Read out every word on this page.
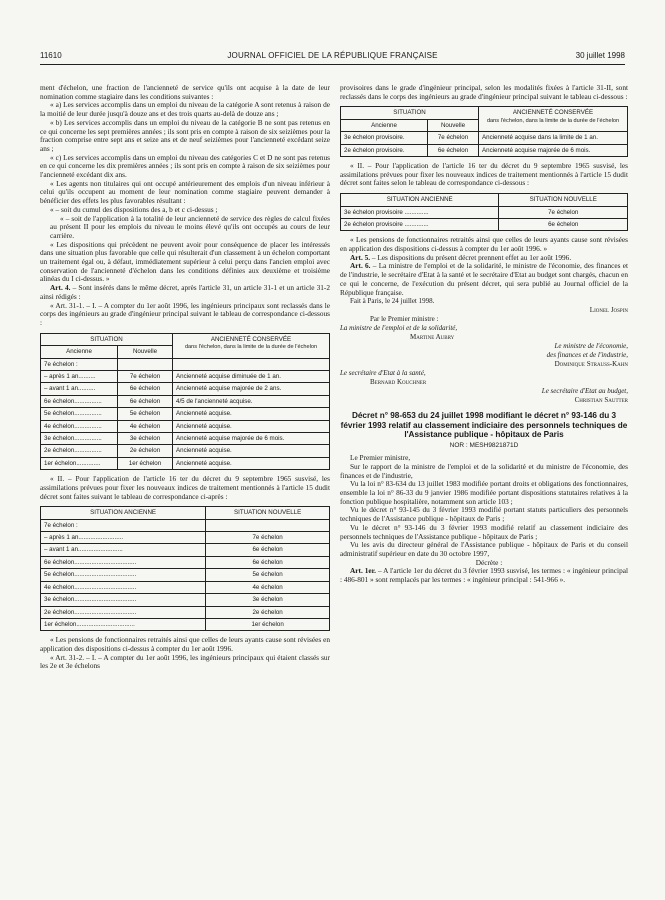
11610	JOURNAL OFFICIEL DE LA RÉPUBLIQUE FRANÇAISE	30 juillet 1998

ment d'échelon, une fraction de l'ancienneté de service qu'ils ont acquise à la date de leur nomination comme stagiaire dans les conditions suivantes :

« a) Les services accomplis dans un emploi du niveau de la catégorie A sont retenus à raison de la moitié de leur durée jusqu'à douze ans et des trois quarts au-delà de douze ans ;

« b) Les services accomplis dans un emploi du niveau de la catégorie B ne sont pas retenus en ce qui concerne les sept premières années ; ils sont pris en compte à raison de six seizièmes pour la fraction comprise entre sept ans et seize ans et de neuf seizièmes pour l'ancienneté excédant seize ans ;

« c) Les services accomplis dans un emploi du niveau des catégories C et D ne sont pas retenus en ce qui concerne les dix premières années ; ils sont pris en compte à raison de six seizièmes pour l'ancienneté excédant dix ans.

« Les agents non titulaires qui ont occupé antérieurement des emplois d'un niveau inférieur à celui qu'ils occupent au moment de leur nomination comme stagiaire peuvent demander à bénéficier des effets les plus favorables résultant :

« – soit du cumul des dispositions des a, b et c ci-dessus ;

« – soit de l'application à la totalité de leur ancienneté de service des règles de calcul fixées au présent II pour les emplois du niveau le moins élevé qu'ils ont occupés au cours de leur carrière.

« Les dispositions qui précèdent ne peuvent avoir pour conséquence de placer les intéressés dans une situation plus favorable que celle qui résulterait d'un classement à un échelon comportant un traitement égal ou, à défaut, immédiatement supérieur à celui perçu dans l'ancien emploi avec conservation de l'ancienneté d'échelon dans les conditions définies aux deuxième et troisième alinéas du I ci-dessus. »

Art. 4. – Sont insérés dans le même décret, après l'article 31, un article 31-1 et un article 31-2 ainsi rédigés :

« Art. 31-1. – I. – A compter du 1er août 1996, les ingénieurs principaux sont reclassés dans le corps des ingénieurs au grade d'ingénieur principal suivant le tableau de correspondance ci-dessous :

SITUATION		ANCIENNETÉ CONSERVÉE
dans l'échelon, dans la limite de la durée de l'échelon
Ancienne	Nouvelle	
7e échelon :		
– après 1 an..........	7e échelon	Ancienneté acquise diminuée de 1 an.
– avant 1 an..........	6e échelon	Ancienneté acquise majorée de 2 ans.
6e échelon................	6e échelon	4/5 de l'ancienneté acquise.
5e échelon................	5e échelon	Ancienneté acquise.
4e échelon................	4e échelon	Ancienneté acquise.
3e échelon................	3e échelon	Ancienneté acquise majorée de 6 mois.
2e échelon................	2e échelon	Ancienneté acquise.
1er échelon..............	1er échelon	Ancienneté acquise.

« II. – Pour l'application de l'article 16 ter du décret du 9 septembre 1965 susvisé, les assimilations prévues pour fixer les nouveaux indices de traitement mentionnés à l'article 15 dudit décret sont faites suivant le tableau de correspondance ci-après :

SITUATION ANCIENNE	SITUATION NOUVELLE
7e échelon :	
– après 1 an..........................	7e échelon
– avant 1 an..........................	6e échelon
6e échelon....................................	6e échelon
5e échelon....................................	5e échelon
4e échelon....................................	4e échelon
3e échelon....................................	3e échelon
2e échelon....................................	2e échelon
1er échelon..................................	1er échelon

« Les pensions de fonctionnaires retraités ainsi que celles de leurs ayants cause sont révisées en application des dispositions ci-dessus à compter du 1er août 1996.

« Art. 31-2. – I. – A compter du 1er août 1996, les ingénieurs principaux qui étaient classés sur les 2e et 3e échelons

provisoires dans le grade d'ingénieur principal, selon les modalités fixées à l'article 31-II, sont reclassés dans le corps des ingénieurs au grade d'ingénieur principal suivant le tableau ci-dessous :

SITUATION		ANCIENNETÉ CONSERVÉE
dans l'échelon, dans la limite de la durée de l'échelon
Ancienne	Nouvelle	
3e échelon provisoire.	7e échelon	Ancienneté acquise dans la limite de 1 an.
2e échelon provisoire.	6e échelon	Ancienneté acquise majorée de 6 mois.

« II. – Pour l'application de l'article 16 ter du décret du 9 septembre 1965 susvisé, les assimilations prévues pour fixer les nouveaux indices de traitement mentionnés à l'article 15 dudit décret sont faites selon le tableau de correspondance ci-dessous :

SITUATION ANCIENNE	SITUATION NOUVELLE
3e échelon provisoire ..............	7e échelon
2e échelon provisoire ..............	6e échelon

« Les pensions de fonctionnaires retraités ainsi que celles de leurs ayants cause sont révisées en application des dispositions ci-dessus à compter du 1er août 1996. »

Art. 5. – Les dispositions du présent décret prennent effet au 1er août 1996.

Art. 6. – La ministre de l'emploi et de la solidarité, le ministre de l'économie, des finances et de l'industrie, le secrétaire d'Etat à la santé et le secrétaire d'Etat au budget sont chargés, chacun en ce qui le concerne, de l'exécution du présent décret, qui sera publié au Journal officiel de la République française.

Fait à Paris, le 24 juillet 1998.

Lionel Jospin
Par le Premier ministre :
La ministre de l'emploi et de la solidarité,
Martine Aubry
Le ministre de l'économie,
des finances et de l'industrie,
Dominique Strauss-Kahn
Le secrétaire d'Etat à la santé,
Bernard Kouchner
Le secrétaire d'Etat au budget,
Christian Sautter
Décret n° 98-653 du 24 juillet 1998 modifiant le décret n° 93-146 du 3 février 1993 relatif au classement indiciaire des personnels techniques de l'Assistance publique - hôpitaux de Paris
NOR : MESH9821871D

Le Premier ministre,

Sur le rapport de la ministre de l'emploi et de la solidarité et du ministre de l'économie, des finances et de l'industrie,

Vu la loi n° 83-634 du 13 juillet 1983 modifiée portant droits et obligations des fonctionnaires, ensemble la loi n° 86-33 du 9 janvier 1986 modifiée portant dispositions statutaires relatives à la fonction publique hospitalière, notamment son article 103 ;

Vu le décret n° 93-145 du 3 février 1993 modifié portant statuts particuliers des personnels techniques de l'Assistance publique - hôpitaux de Paris ;

Vu le décret n° 93-146 du 3 février 1993 modifié relatif au classement indiciaire des personnels techniques de l'Assistance publique - hôpitaux de Paris ;

Vu les avis du directeur général de l'Assistance publique - hôpitaux de Paris et du conseil administratif supérieur en date du 30 octobre 1997,

Décrète :

Art. 1er. – A l'article 1er du décret du 3 février 1993 susvisé, les termes : « ingénieur principal : 486-801 » sont remplacés par les termes : « ingénieur principal : 541-966 ».
